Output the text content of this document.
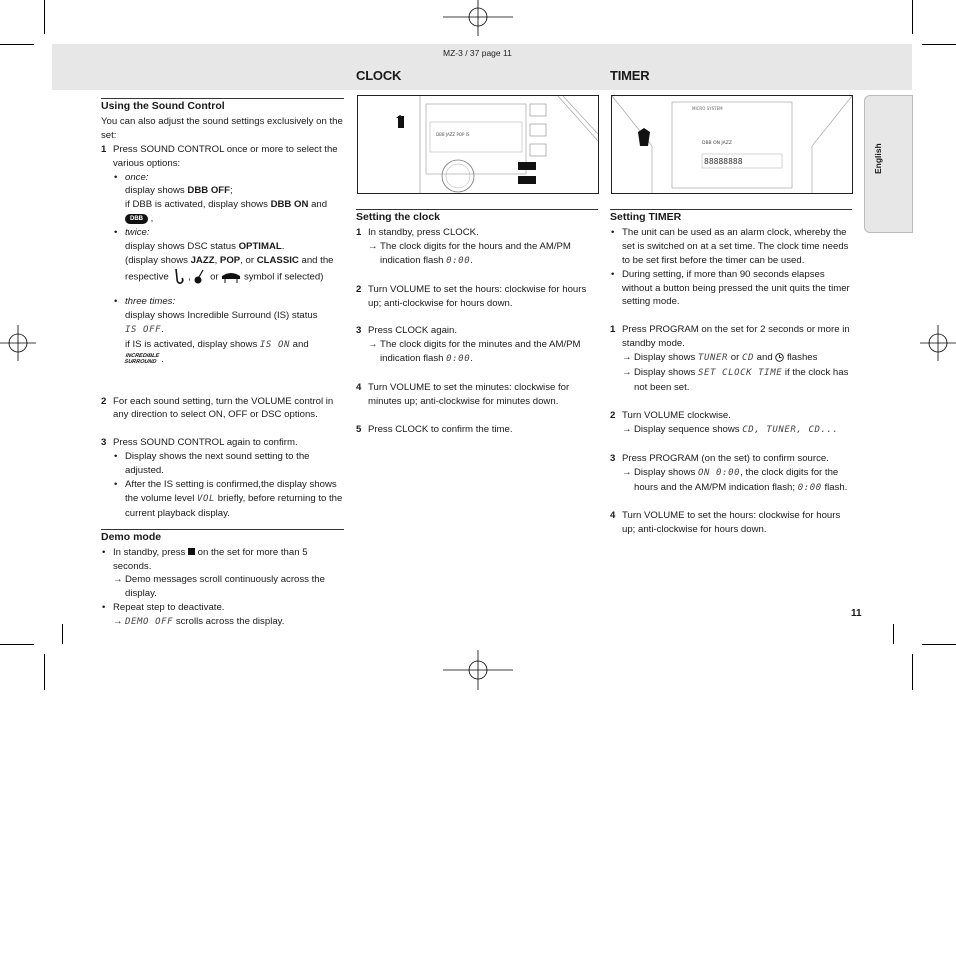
MZ-3 / 37 page 11
CLOCK	TIMER
DBB JAZZ POP IS
MICRO SYSTEM
DBB ON JAZZ
88888888
Using the Sound Control

You can also adjust the sound settings exclusively on the set:

1 Press SOUND CONTROL once or more to select the various options:
• once:
display shows DBB OFF;
if DBB is activated, display shows DBB ON and
DBB ,
• twice:
display shows DSC status OPTIMAL.
(display shows JAZZ, POP, or CLASSIC and the
respective  ,  or	symbol if selected)
• three times:
display shows Incredible Surround (IS) status
IS OFF.
if IS is activated, display shows IS ON and
INCREDIBLE
SURROUND .
2 For each sound setting, turn the VOLUME control in any direction to select ON, OFF or DSC options.
3 Press SOUND CONTROL again to confirm.
• Display shows the next sound setting to the adjusted.
• After the IS setting is confirmed,the display shows the volume level VOL briefly, before returning to the current playback display.
Demo mode
• In standby, press  on the set for more than 5 seconds.
→ Demo messages scroll continuously across the display.
• Repeat step to deactivate.
→ DEMO OFF scrolls across the display.
Setting the clock
1 In standby, press CLOCK.
→ The clock digits for the hours and the AM/PM indication flash 0:00.
2 Turn VOLUME to set the hours: clockwise for hours up; anti-clockwise for hours down.
3 Press CLOCK again.
→ The clock digits for the minutes and the AM/PM indication flash 0:00.
4 Turn VOLUME to set the minutes: clockwise for minutes up; anti-clockwise for minutes down.
5 Press CLOCK to confirm the time.
Setting TIMER
• The unit can be used as an alarm clock, whereby the set is switched on at a set time. The clock time needs to be set first before the timer can be used.
• During setting, if more than 90 seconds elapses without a button being pressed the unit quits the timer setting mode.
1 Press PROGRAM on the set for 2 seconds or more in standby mode.
→ Display shows TUNER or CD and  flashes
→ Display shows SET CLOCK TIME if the clock has not been set.
2 Turn VOLUME clockwise.
→ Display sequence shows CD, TUNER, CD...
3 Press PROGRAM (on the set) to confirm source.
→ Display shows ON 0:00, the clock digits for the hours and the AM/PM indication flash; 0:00 flash.
4 Turn VOLUME to set the hours: clockwise for hours up; anti-clockwise for hours down.
English
11
